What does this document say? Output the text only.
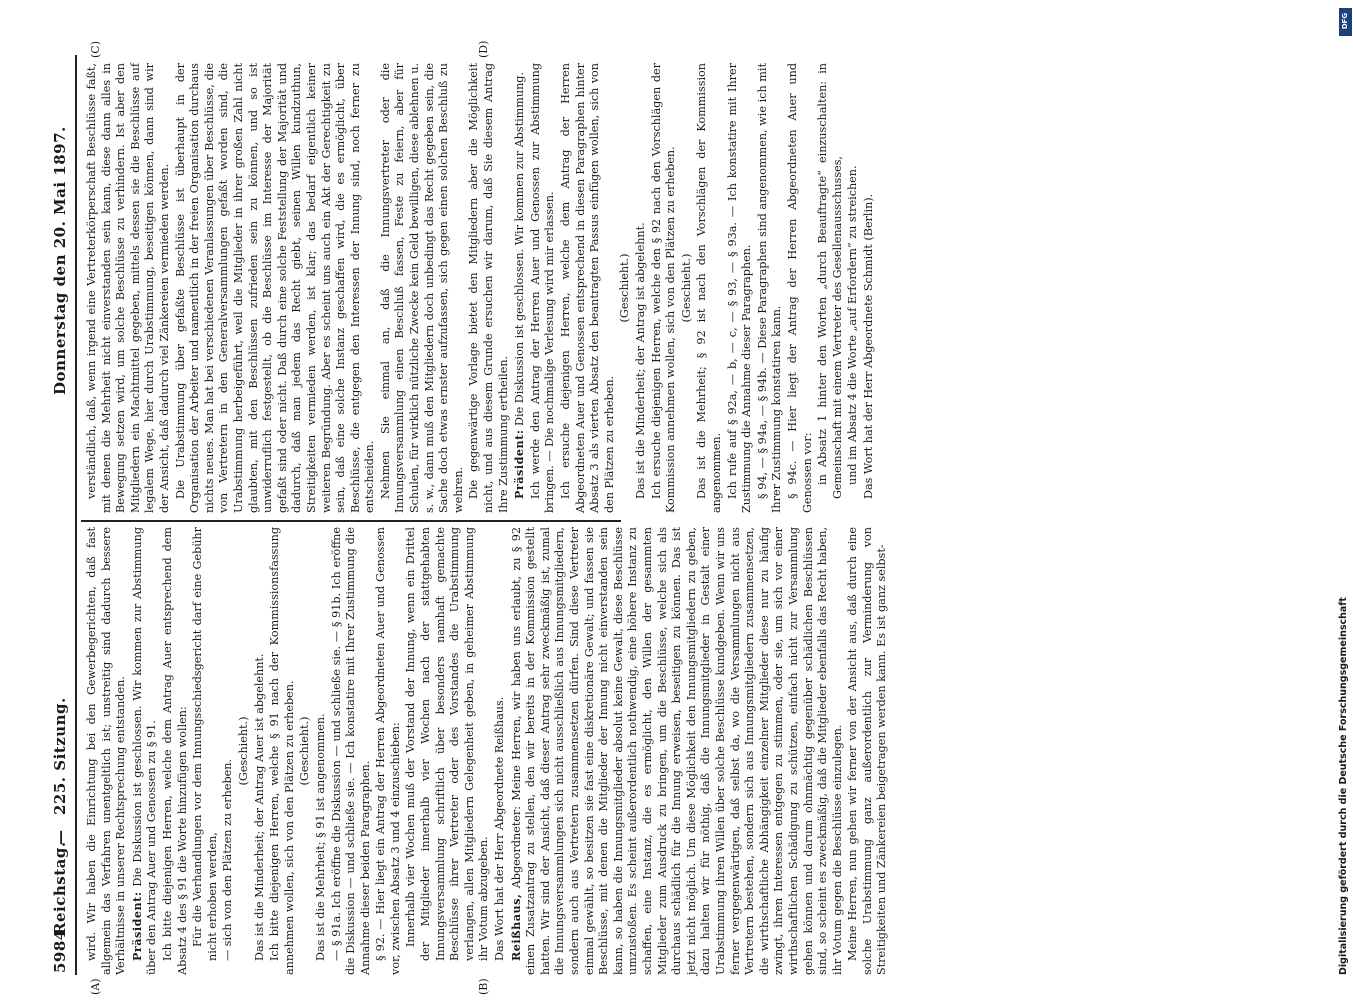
5984
Reichstag.
—
225. Sitzung.
Donnerstag den 20. Mai 1897.
(A)	(B)
(C)	(D)

wird. Wir haben die Einrichtung bei den Gewerbegerichten, daß fast allgemein das Verfahren unentgeltlich ist; unstreitig sind dadurch bessere Verhältnisse in unserer Rechtsprechung entstanden. Präsident: Die Diskussion ist geschlossen. Wir kommen zur Abstimmung über den Antrag Auer und Genossen zu § 91. Ich bitte diejenigen Herren, welche dem Antrag Auer entsprechend dem Absatz 4 des § 91 die Worte hinzufügen wollen: Für die Verhandlungen vor dem Innungsschiedsgericht darf eine Gebühr nicht erhoben werden, — sich von den Plätzen zu erheben.

(Geschieht.) Das ist die Minderheit; der Antrag Auer ist abgelehnt. Ich bitte diejenigen Herren, welche § 91 nach der Kommissionsfassung annehmen wollen, sich von den Plätzen zu erheben. (Geschieht.) Das ist die Mehrheit; § 91 ist angenommen. — § 91a. Ich eröffne die Diskussion — und schließe sie. — § 91b. Ich eröffne die Diskussion — und schließe sie. — Ich konstatire mit Ihrer Zustimmung die Annahme dieser beiden Paragraphen. § 92. — Hier liegt ein Antrag der Herren Abgeordneten Auer und Genossen vor, zwischen Absatz 3 und 4 einzuschieben: Innerhalb vier Wochen muß der Vorstand der Innung, wenn ein Drittel der Mitglieder innerhalb vier Wochen nach der stattgehabten Innungsversammlung schriftlich über besonders namhaft gemachte Beschlüsse ihrer Vertreter oder des Vorstandes die Urabstimmung verlangen, allen Mitgliedern Gelegenheit geben, in geheimer Abstimmung ihr Votum abzugeben. Das Wort hat der Herr Abgeordnete Reißhaus. Reißhaus, Abgeordneter: Meine Herren, wir haben uns erlaubt, zu § 92 einen Zusatzantrag zu stellen, den wir bereits in der Kommission gestellt hatten. Wir sind der Ansicht, daß dieser Antrag sehr zweckmäßig ist, zumal die Innungsversammlungen sich nicht ausschließlich aus Innungsmitgliedern, sondern auch aus Vertretern zusammensetzen dürfen. Sind diese Vertreter einmal gewählt, so besitzen sie fast eine diskretionäre Gewalt; und fassen sie Beschlüsse, mit denen die Mitglieder der Innung nicht einverstanden sein kann, so haben die Innungsmitglieder absolut keine Gewalt, diese Beschlüsse umzustoßen. Es scheint außerordentlich nothwendig, eine höhere Instanz zu schaffen, eine Instanz, die es ermöglicht, den Willen der gesammten Mitglieder zum Ausdruck zu bringen, um die Beschlüsse, welche sich als durchaus schädlich für die Innung erweisen, beseitigen zu können. Das ist jetzt nicht möglich. Um diese Möglichkeit den Innungsmitgliedern zu geben, dazu halten wir für nöthig, daß die Innungsmitglieder in Gestalt einer Urabstimmung ihren Willen über solche Beschlüsse kundgeben. Wenn wir uns ferner vergegenwärtigen, daß selbst da, wo die Versammlungen nicht aus Vertretern bestehen, sondern sich aus Innungsmitgliedern zusammensetzen, die wirthschaftliche Abhängigkeit einzelner Mitglieder diese nur zu häufig zwingt, ihren Interessen entgegen zu stimmen, oder sie, um sich vor einer wirthschaftlichen Schädigung zu schützen, einfach nicht zur Versammlung gehen können und darum ohnmächtig gegenüber schädlichen Beschlüssen sind, so scheint es zweckmäßig, daß die Mitglieder ebenfalls das Recht haben, ihr Votum gegen die Beschlüsse einzulegen. Meine Herren, nun gehen wir ferner von der Ansicht aus, daß durch eine solche Urabstimmung ganz außerordentlich zur Verminderung von Streitigkeiten und Zänkereien beigetragen werden kann. Es ist ganz selbst-

verständlich, daß, wenn irgend eine Vertreterkörperschaft Beschlüsse faßt, mit denen die Mehrheit nicht einverstanden sein kann, diese dann alles in Bewegung setzen wird, um solche Beschlüsse zu verhindern. Ist aber den Mitgliedern ein Machtmittel gegeben, mittels dessen sie die Beschlüsse auf legalem Wege, hier durch Urabstimmung, beseitigen können, dann sind wir der Ansicht, daß dadurch viel Zänkereien vermieden werden. Die Urabstimmung über gefaßte Beschlüsse ist überhaupt in der Organisation der Arbeiter und namentlich in der freien Organisation durchaus nichts neues. Man hat bei verschiedenen Veranlassungen über Beschlüsse, die von Vertretern in den Generalversammlungen gefaßt worden sind, die Urabstimmung herbeigeführt, weil die Mitglieder in ihrer großen Zahl nicht glaubten, mit den Beschlüssen zufrieden sein zu können, und so ist unwiderruflich festgestellt, ob die Beschlüsse im Interesse der Majorität gefaßt sind oder nicht. Daß durch eine solche Feststellung der Majorität und dadurch, daß man jedem das Recht giebt, seinen Willen kundzuthun, Streitigkeiten vermieden werden, ist klar; das bedarf eigentlich keiner weiteren Begründung. Aber es scheint uns auch ein Akt der Gerechtigkeit zu sein, daß eine solche Instanz geschaffen wird, die es ermöglicht, über Beschlüsse, die entgegen den Interessen der Innung sind, noch ferner zu entscheiden. Nehmen Sie einmal an, daß die Innungsvertreter oder die Innungsversammlung einen Beschluß fassen, Feste zu feiern, aber für Schulen, für wirklich nützliche Zwecke kein Geld bewilligen, diese ablehnen u. s. w., dann muß den Mitgliedern doch unbedingt das Recht gegeben sein, die Sache doch etwas ernster aufzufassen, sich gegen einen solchen Beschluß zu wehren. Die gegenwärtige Vorlage bietet den Mitgliedern aber die Möglichkeit nicht, und aus diesem Grunde ersuchen wir darum, daß Sie diesem Antrag Ihre Zustimmung ertheilen. Präsident: Die Diskussion ist geschlossen. Wir kommen zur Abstimmung. Ich werde den Antrag der Herren Auer und Genossen zur Abstimmung bringen. — Die nochmalige Verlesung wird mir erlassen. Ich ersuche diejenigen Herren, welche dem Antrag der Herren Abgeordneten Auer und Genossen entsprechend in diesen Paragraphen hinter Absatz 3 als vierten Absatz den beantragten Passus einfügen wollen, sich von den Plätzen zu erheben.

(Geschieht.) Das ist die Minderheit; der Antrag ist abgelehnt. Ich ersuche diejenigen Herren, welche den § 92 nach den Vorschlägen der Kommission annehmen wollen, sich von den Plätzen zu erheben. (Geschieht.) Das ist die Mehrheit; § 92 ist nach den Vorschlägen der Kommission angenommen. Ich rufe auf § 92a, — b, — c, — § 93, — § 93a. — Ich konstatire mit Ihrer Zustimmung die Annahme dieser Paragraphen. § 94, — § 94a, — § 94b. — Diese Paragraphen sind angenommen, wie ich mit Ihrer Zustimmung konstatiren kann. § 94c. — Hier liegt der Antrag der Herren Abgeordneten Auer und Genossen vor: in Absatz 1 hinter den Worten „durch Beauftragte“ einzuschalten: in Gemeinschaft mit einem Vertreter des Gesellenausschusses, und im Absatz 4 die Worte „auf Erfordern“ zu streichen. Das Wort hat der Herr Abgeordnete Schmidt (Berlin).

DFG
Digitalisierung gefördert durch die Deutsche Forschungsgemeinschaft
